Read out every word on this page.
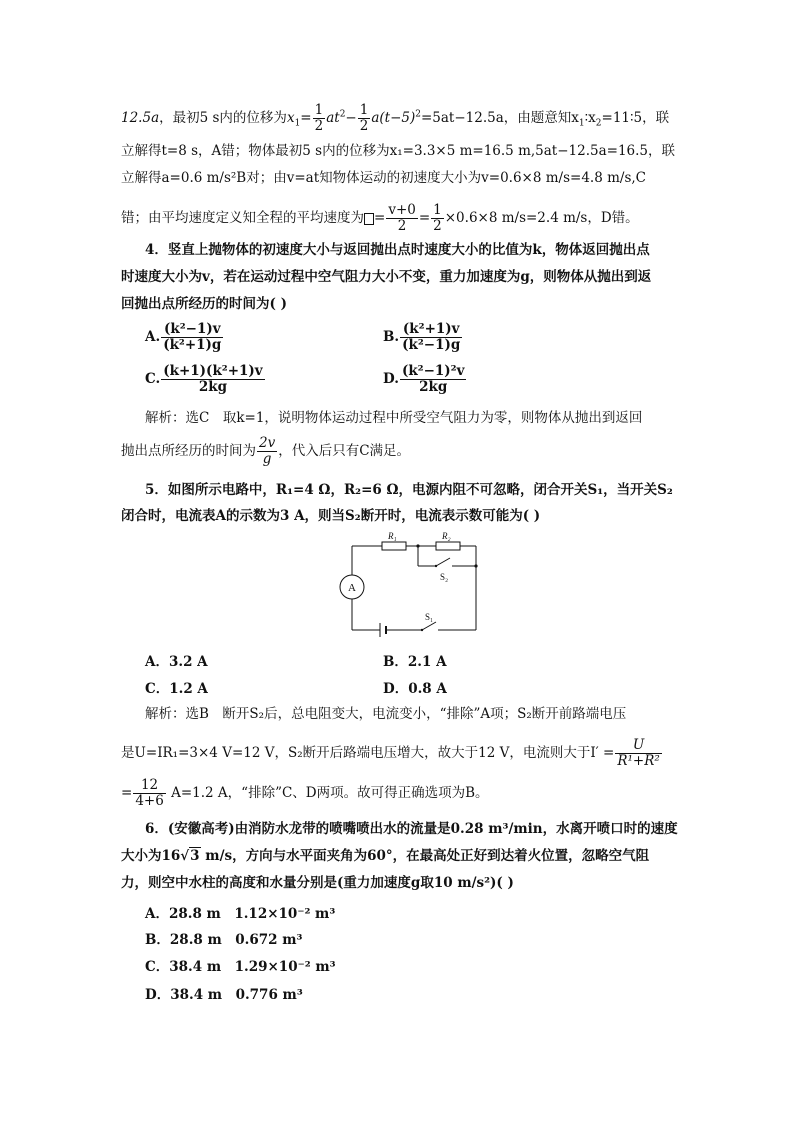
12.5a，最初5 s内的位移为$x_1= \frac{1}{2} at^2- \frac{1}{2} a(t-5)^2=5at-12.5a$，由题意知$x_1∶x_2=11∶5$，联
立解得t=8 s，A错；物体最初5 s内的位移为x₁=3.3×5 m=16.5 m,5at−12.5a=16.5，联
立解得a=0.6 m/s²B对；由v=at知物体运动的初速度大小为v=0.6×8 m/s=4.8 m/s,C
错；由平均速度定义知全程的平均速度为 = $\frac{v+0}{2} = \frac{1}{2} \times 0.6\times 8$ m/s=2.4 m/s，D错。
4．竖直上抛物体的初速度大小与返回抛出点时速度大小的比值为k，物体返回抛出点
时速度大小为v，若在运动过程中空气阻力大小不变，重力加速度为g，则物体从抛出到返
回抛出点所经历的时间为( )
A. $\frac{\text{(k²−1)v}}{\text{(k²+1)g}}$	B. $\frac{\text{(k²+1)v}}{\text{(k²−1)g}}$
C. $\frac{\text{(k+1)(k²+1)v}}{2kg}$	D. $\frac{\text{(k²−1)²v}}{2kg}$
解析：选C　取k=1，说明物体运动过程中所受空气阻力为零，则物体从抛出到返回
抛出点所经历的时间为 $\frac{2v}{g}$ ，代入后只有C满足。
5．如图所示电路中，R₁=4 Ω，R₂=6 Ω，电源内阻不可忽略，闭合开关S₁，当开关S₂
闭合时，电流表A的示数为3 A，则当S₂断开时，电流表示数可能为( )
A
R₁	R₂
S₂
S₁
A．3.2 A	B．2.1 A
C．1.2 A	D．0.8 A
解析：选B　断开S₂后，总电阻变大，电流变小，“排除”A项；S₂断开前路端电压
是U=IR₁=3×4 V=12 V，S₂断开后路端电压增大，故大于12 V，电流则大于$I' = \frac{U}{\text{R¹+R²}}$
= $\frac{12}{4+6} A=1.2$ A，“排除”C、D两项。故可得正确选项为B。
6．(安徽高考)由消防水龙带的喷嘴喷出水的流量是0.28 m³/min，水离开喷口时的速度
大小为16√3 m/s，方向与水平面夹角为60°，在最高处正好到达着火位置，忽略空气阻
力，则空中水柱的高度和水量分别是(重力加速度g取10 m/s²)( )
A．28.8 m　1.12×10⁻² m³
B．28.8 m　0.672 m³
C．38.4 m　1.29×10⁻² m³
D．38.4 m　0.776 m³
